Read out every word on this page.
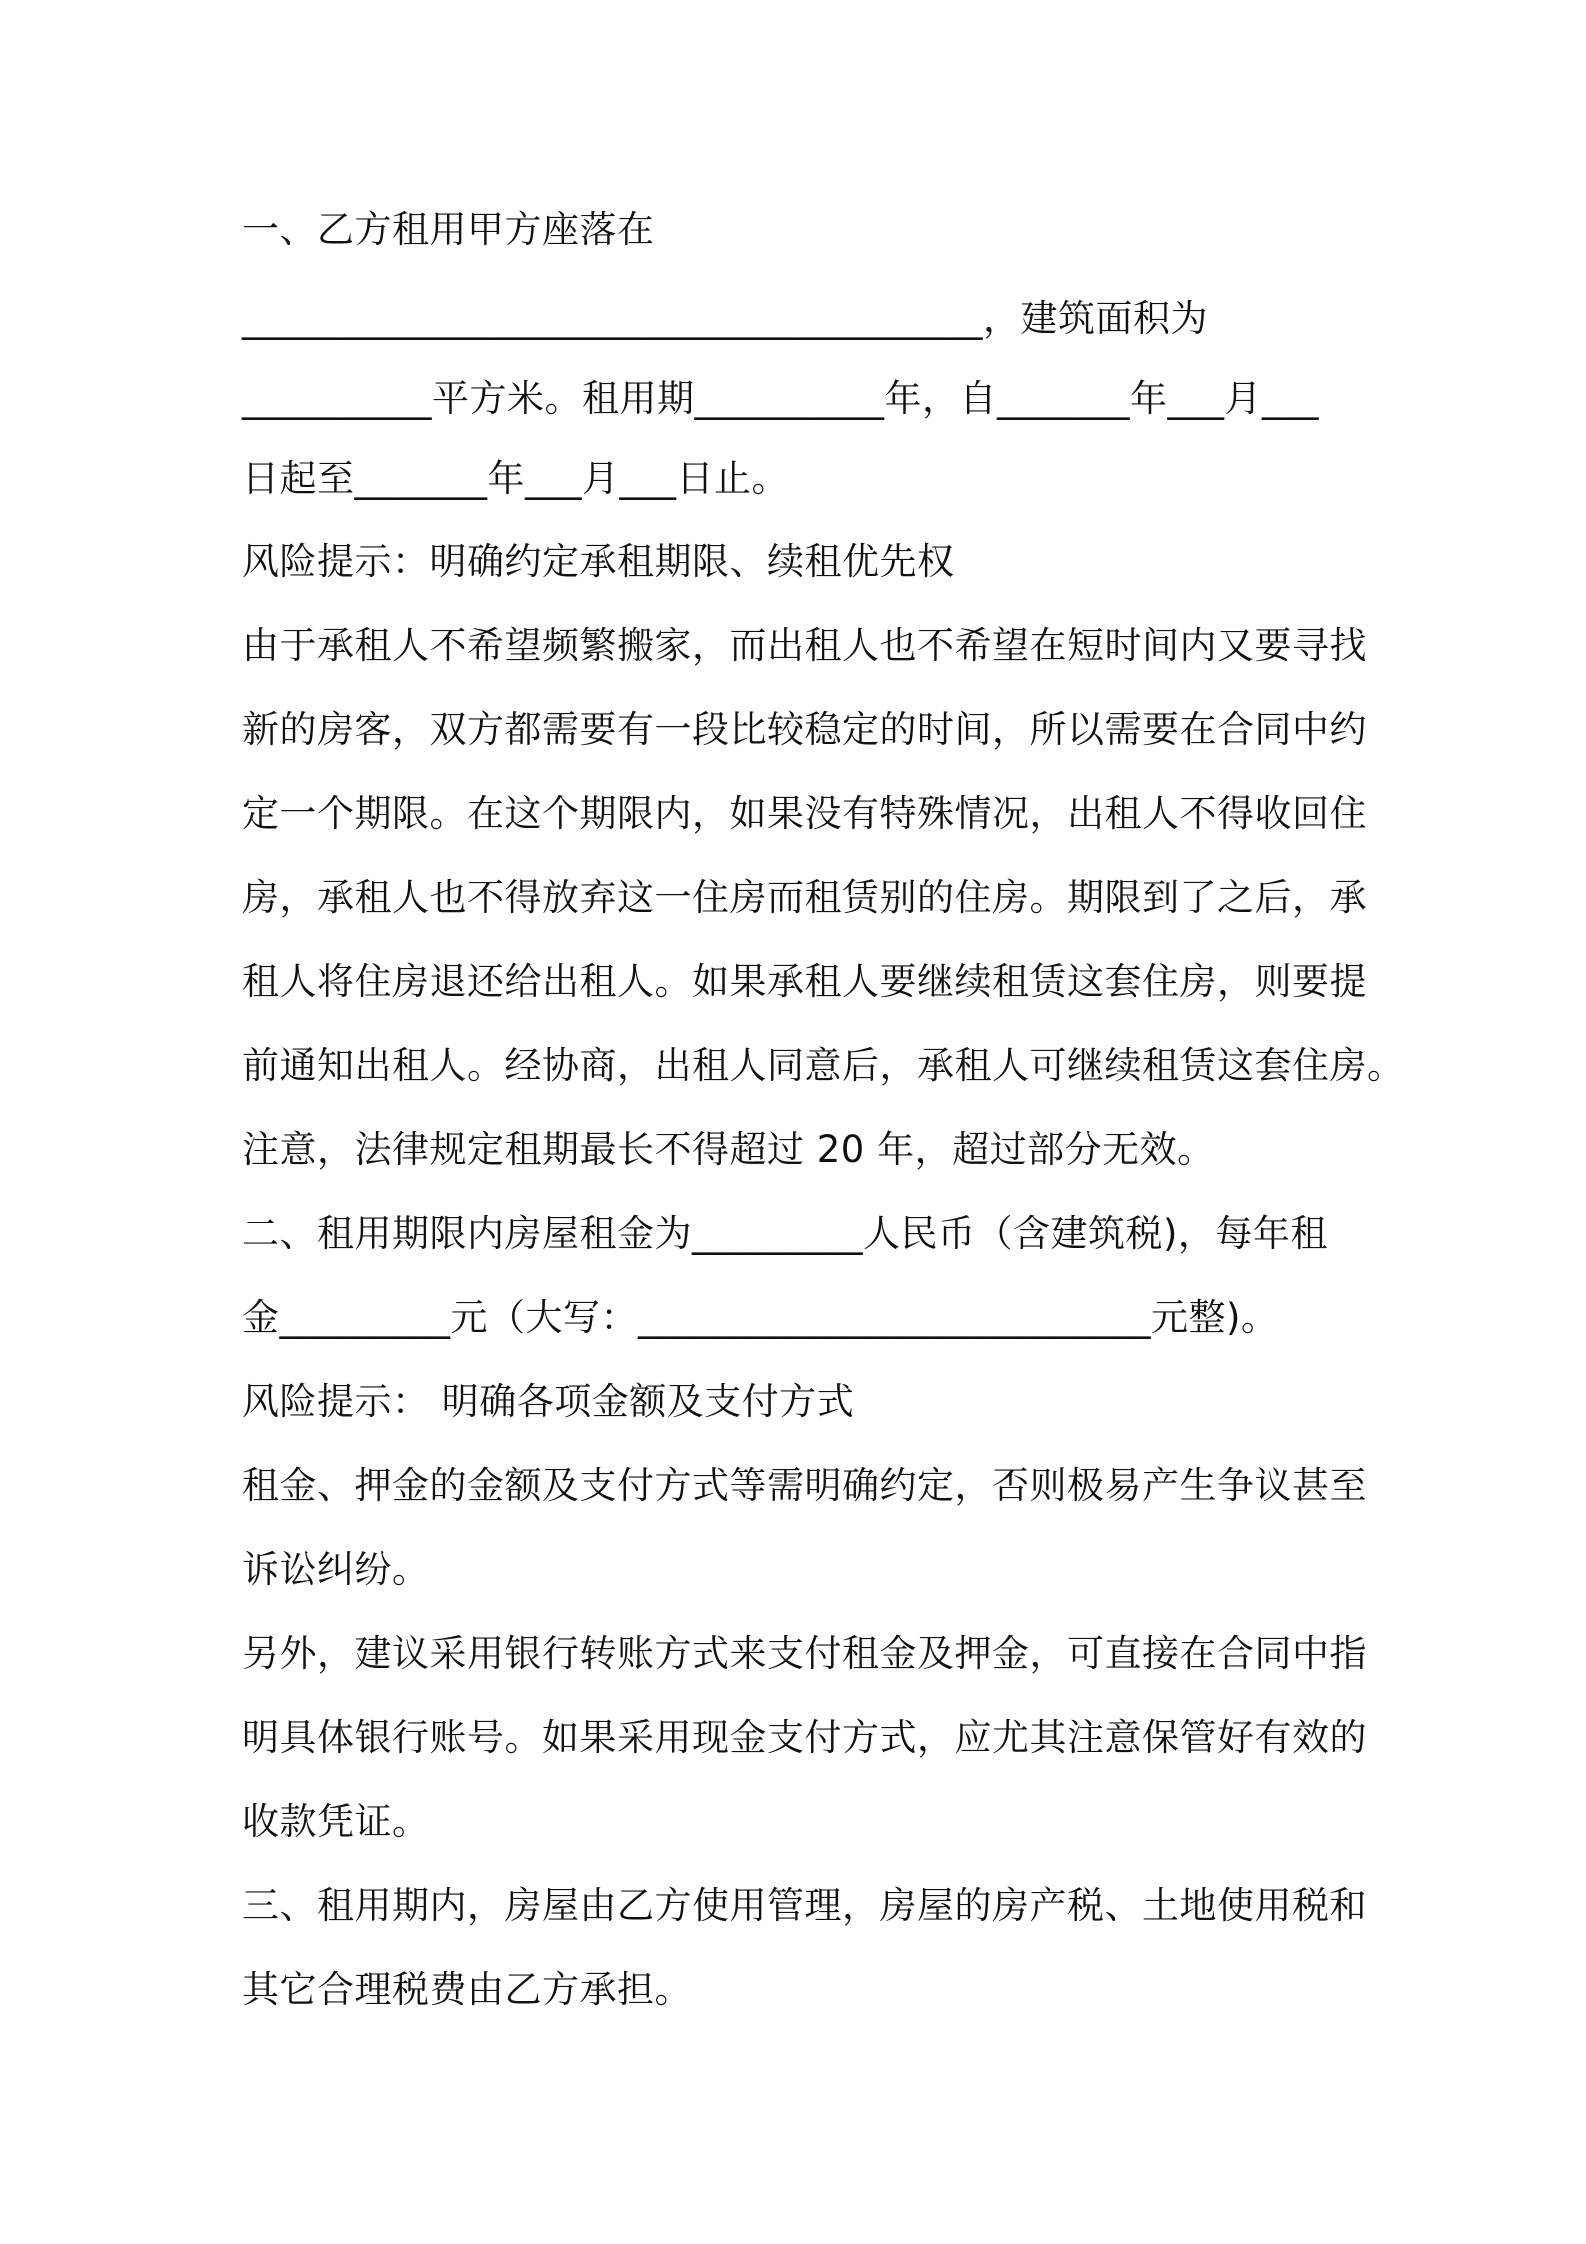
一、乙方租用甲方座落在
_______________________________________，建筑面积为
__________平方米。租用期__________年，自_______年___月___
日起至_______年___月___日止。
风险提示：明确约定承租期限、续租优先权
由于承租人不希望频繁搬家，而出租人也不希望在短时间内又要寻找
新的房客，双方都需要有一段比较稳定的时间，所以需要在合同中约
定一个期限。在这个期限内，如果没有特殊情况，出租人不得收回住
房，承租人也不得放弃这一住房而租赁别的住房。期限到了之后，承
租人将住房退还给出租人。如果承租人要继续租赁这套住房，则要提
前通知出租人。经协商，出租人同意后，承租人可继续租赁这套住房。
注意，法律规定租期最长不得超过 20 年，超过部分无效。
二、租用期限内房屋租金为_________人民币（含建筑税)，每年租
金_________元（大写：___________________________元整)。
风险提示： 明确各项金额及支付方式
租金、押金的金额及支付方式等需明确约定，否则极易产生争议甚至
诉讼纠纷。
另外，建议采用银行转账方式来支付租金及押金，可直接在合同中指
明具体银行账号。如果采用现金支付方式，应尤其注意保管好有效的
收款凭证。
三、租用期内，房屋由乙方使用管理，房屋的房产税、土地使用税和
其它合理税费由乙方承担。
